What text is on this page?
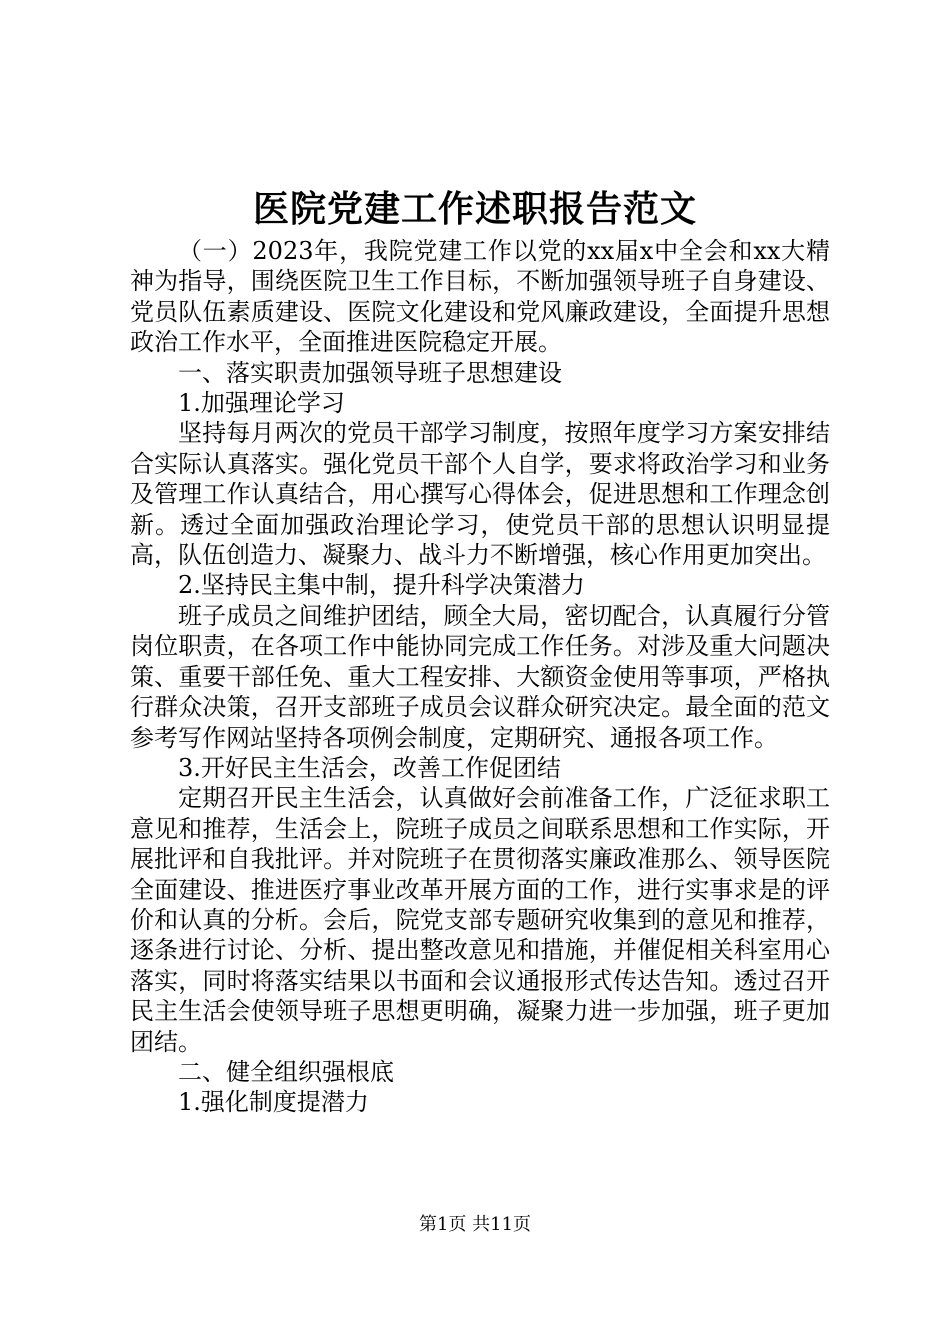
医院党建工作述职报告范文

（一）2023年，我院党建工作以党的xx届x中全会和xx大精神为指导，围绕医院卫生工作目标，不断加强领导班子自身建设、党员队伍素质建设、医院文化建设和党风廉政建设，全面提升思想政治工作水平，全面推进医院稳定开展。

一、落实职责加强领导班子思想建设

1.加强理论学习

坚持每月两次的党员干部学习制度，按照年度学习方案安排结合实际认真落实。强化党员干部个人自学，要求将政治学习和业务及管理工作认真结合，用心撰写心得体会，促进思想和工作理念创新。透过全面加强政治理论学习，使党员干部的思想认识明显提高，队伍创造力、凝聚力、战斗力不断增强，核心作用更加突出。

2.坚持民主集中制，提升科学决策潜力

班子成员之间维护团结，顾全大局，密切配合，认真履行分管岗位职责，在各项工作中能协同完成工作任务。对涉及重大问题决策、重要干部任免、重大工程安排、大额资金使用等事项，严格执行群众决策，召开支部班子成员会议群众研究决定。最全面的范文参考写作网站坚持各项例会制度，定期研究、通报各项工作。

3.开好民主生活会，改善工作促团结

定期召开民主生活会，认真做好会前准备工作，广泛征求职工意见和推荐，生活会上，院班子成员之间联系思想和工作实际，开展批评和自我批评。并对院班子在贯彻落实廉政准那么、领导医院全面建设、推进医疗事业改革开展方面的工作，进行实事求是的评价和认真的分析。会后，院党支部专题研究收集到的意见和推荐，逐条进行讨论、分析、提出整改意见和措施，并催促相关科室用心落实，同时将落实结果以书面和会议通报形式传达告知。透过召开民主生活会使领导班子思想更明确，凝聚力进一步加强，班子更加团结。

二、健全组织强根底

1.强化制度提潜力

第1页 共11页
